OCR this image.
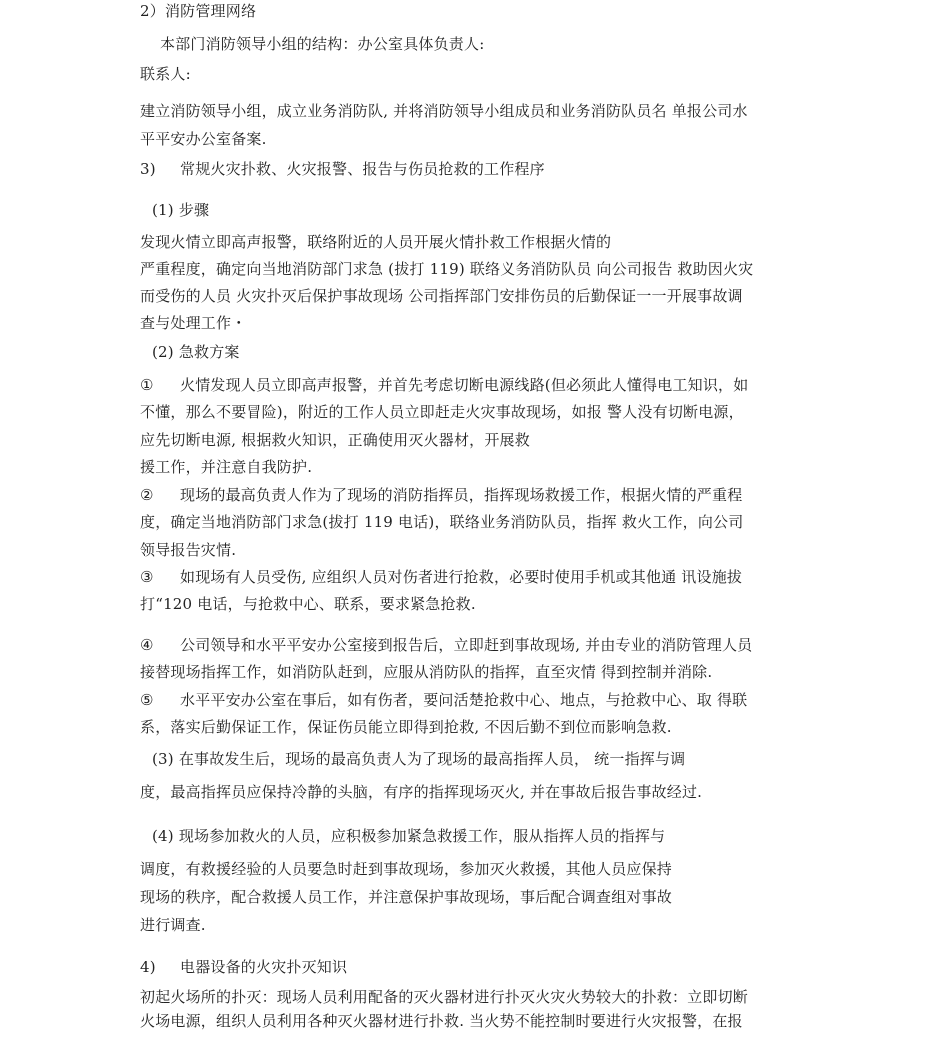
2）消防管理网络
本部门消防领导小组的结构：办公室具体负责人:
联系人:
建立消防领导小组，成立业务消防队, 并将消防领导小组成员和业务消防队员名 单报公司水
平平安办公室备案.
3) 常规火灾扑救、火灾报警、报告与伤员抢救的工作程序
(1) 步骤
发现火情立即高声报警，联络附近的人员开展火情扑救工作根据火情的
严重程度，确定向当地消防部门求急 (拔打 119) 联络义务消防队员 向公司报告 救助因火灾
而受伤的人员 火灾扑灭后保护事故现场 公司指挥部门安排伤员的后勤保证一一开展事故调
查与处理工作・
(2) 急救方案
① 火情发现人员立即高声报警，并首先考虑切断电源线路(但必须此人懂得电工知识，如
不懂，那么不要冒险)，附近的工作人员立即赶走火灾事故现场，如报 警人没有切断电源，
应先切断电源, 根据救火知识，正确使用灭火器材，开展救
援工作，并注意自我防护.
② 现场的最高负责人作为了现场的消防指挥员，指挥现场救援工作，根据火情的严重程
度，确定当地消防部门求急(拔打 119 电话)，联络业务消防队员，指挥 救火工作，向公司
领导报告灾情.
③ 如现场有人员受伤, 应组织人员对伤者进行抢救，必要时使用手机或其他通 讯设施拔
打“120 电话，与抢救中心、联系，要求紧急抢救.
④ 公司领导和水平平安办公室接到报告后，立即赶到事故现场, 并由专业的消防管理人员
接替现场指挥工作，如消防队赶到，应服从消防队的指挥，直至灾情 得到控制并消除.
⑤ 水平平安办公室在事后，如有伤者，要问活楚抢救中心、地点，与抢救中心、取 得联
系，落实后勤保证工作，保证伤员能立即得到抢救, 不因后勤不到位而影响急救.
(3) 在事故发生后，现场的最高负责人为了现场的最高指挥人员， 统一指挥与调
度，最高指挥员应保持冷静的头脑，有序的指挥现场灭火, 并在事故后报告事故经过.
(4) 现场参加救火的人员，应积极参加紧急救援工作，服从指挥人员的指挥与
调度，有救援经验的人员要急时赶到事故现场，参加灭火救援，其他人员应保持
现场的秩序，配合救援人员工作，并注意保护事故现场，事后配合调查组对事故
进行调查.
4) 电器设备的火灾扑灭知识
初起火场所的扑灭：现场人员利用配备的灭火器材进行扑灭火灾火势较大的扑救：立即切断
火场电源，组织人员利用各种灭火器材进行扑救. 当火势不能控制时要进行火灾报警，在报
